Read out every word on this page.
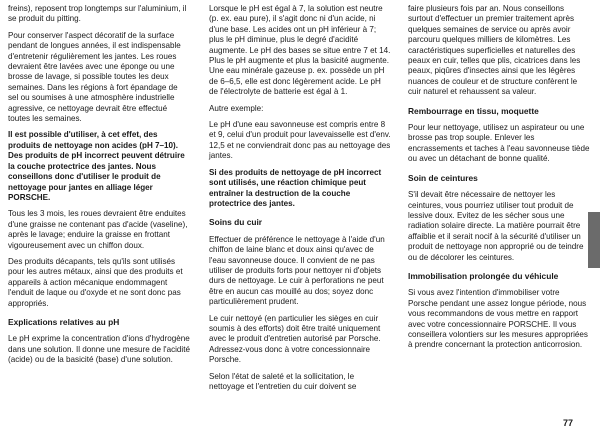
freins), reposent trop longtemps sur l'aluminium, il se produit du pitting.

Pour conserver l'aspect décoratif de la surface pendant de longues années, il est indispensable d'entretenir régulièrement les jantes. Les roues devraient être lavées avec une éponge ou une brosse de lavage, si possible toutes les deux semaines. Dans les régions à fort épandage de sel ou soumises à une atmosphère industrielle agressive, ce nettoyage devrait être effectué toutes les semaines.

Il est possible d'utiliser, à cet effet, des produits de nettoyage non acides (pH 7–10). Des produits de pH incorrect peuvent détruire la couche protectrice des jantes. Nous conseillons donc d'utiliser le produit de nettoyage pour jantes en alliage léger PORSCHE.

Tous les 3 mois, les roues devraient être enduites d'une graisse ne contenant pas d'acide (vaseline), après le lavage; enduire la graisse en frottant vigoureusement avec un chiffon doux.

Des produits décapants, tels qu'ils sont utilisés pour les autres métaux, ainsi que des produits et appareils à action mécanique endommagent l'enduit de laque ou d'oxyde et ne sont donc pas appropriés.

Explications relatives au pH

Le pH exprime la concentration d'ions d'hydrogène dans une solution. Il donne une mesure de l'acidité (acide) ou de la basicité (base) d'une solution.

Lorsque le pH est égal à 7, la solution est neutre (p. ex. eau pure), il s'agit donc ni d'un acide, ni d'une base. Les acides ont un pH inférieur à 7; plus le pH diminue, plus le degré d'acidité augmente. Le pH des bases se situe entre 7 et 14. Plus le pH augmente et plus la basicité augmente. Une eau minérale gazeuse p. ex. possède un pH de 6–6,5, elle est donc légèrement acide. Le pH de l'électrolyte de batterie est égal à 1.

Autre exemple:

Le pH d'une eau savonneuse est compris entre 8 et 9, celui d'un produit pour lavevaisselle est d'env. 12,5 et ne conviendrait donc pas au nettoyage des jantes.

Si des produits de nettoyage de pH incorrect sont utilisés, une réaction chimique peut entraîner la destruction de la couche protectrice des jantes.

Soins du cuir

Effectuer de préférence le nettoyage à l'aide d'un chiffon de laine blanc et doux ainsi qu'avec de l'eau savonneuse douce. Il convient de ne pas utiliser de produits forts pour nettoyer ni d'objets durs de nettoyage. Le cuir à perforations ne peut être en aucun cas mouillé au dos; soyez donc particulièrement prudent.

Le cuir nettoyé (en particulier les sièges en cuir soumis à des efforts) doit être traité uniquement avec le produit d'entretien autorisé par Porsche. Adressez-vous donc à votre concessionnaire Porsche.

Selon l'état de saleté et la sollicitation, le nettoyage et l'entretien du cuir doivent se

faire plusieurs fois par an. Nous conseillons surtout d'effectuer un premier traitement après quelques semaines de service ou après avoir parcouru quelques milliers de kilomètres. Les caractéristiques superficielles et naturelles des peaux en cuir, telles que plis, cicatrices dans les peaux, piqûres d'insectes ainsi que les légères nuances de couleur et de structure confèrent le cuir naturel et rehaussent sa valeur.

Rembourrage en tissu, moquette

Pour leur nettoyage, utilisez un aspirateur ou une brosse pas trop souple. Enlever les encrassements et taches à l'eau savonneuse tiède ou avec un détachant de bonne qualité.

Soin de ceintures

S'il devait être nécessaire de nettoyer les ceintures, vous pourriez utiliser tout produit de lessive doux. Evitez de les sécher sous une radiation solaire directe. La matière pourrait être affaiblie et il serait nocif à la sécurité d'utiliser un produit de nettoyage non approprié ou de teindre ou de décolorer les ceintures.

Immobilisation prolongée du véhicule

Si vous avez l'intention d'immobiliser votre Porsche pendant une assez longue période, nous vous recommandons de vous mettre en rapport avec votre concessionnaire PORSCHE. Il vous conseillera volontiers sur les mesures appropriées à prendre concernant la protection anticorrosion.

77
